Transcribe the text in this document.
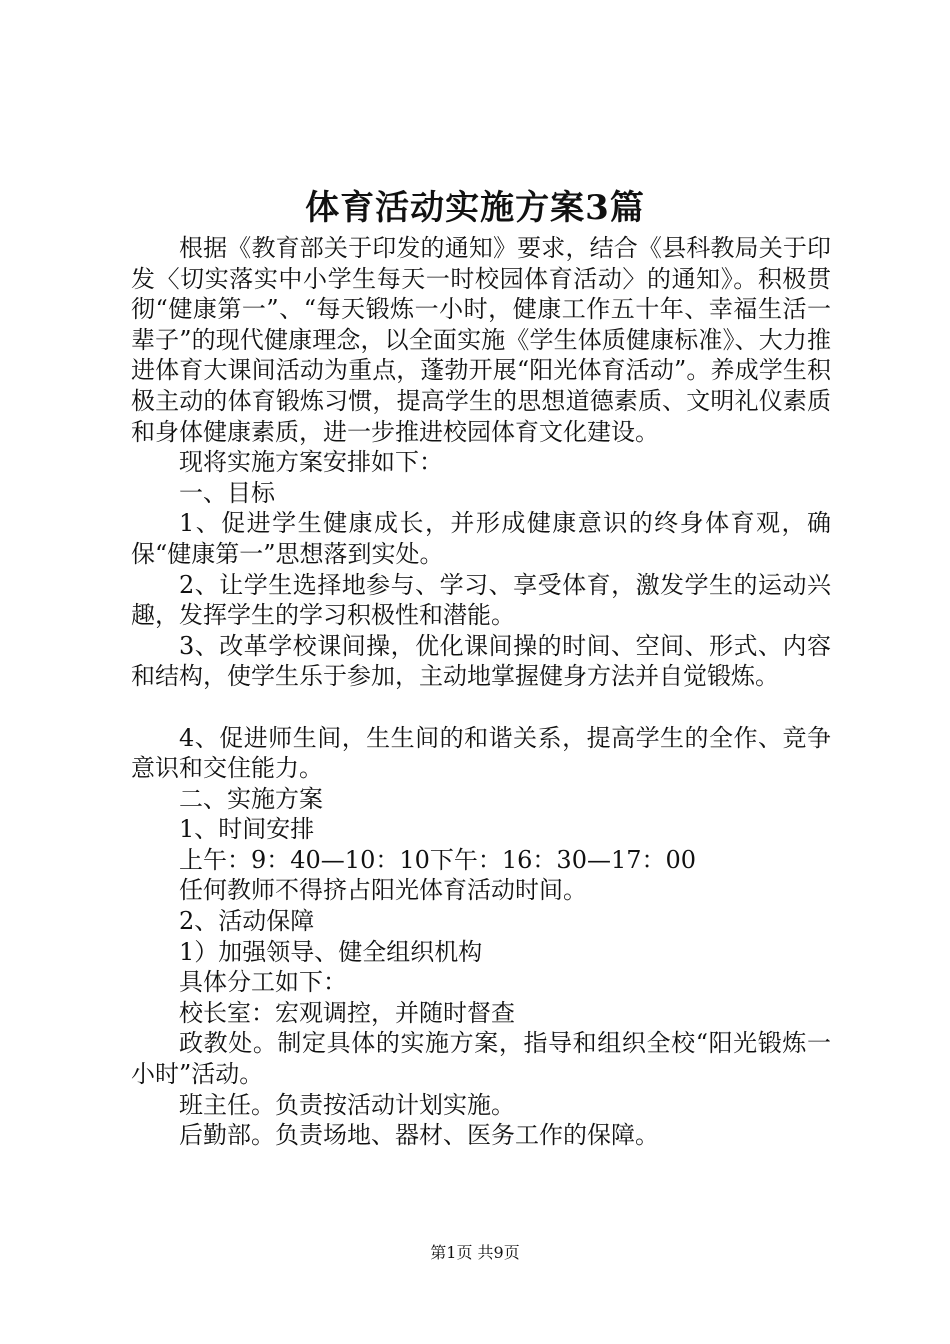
体育活动实施方案3篇

根据《教育部关于印发的通知》要求，结合《县科教局关于印发〈切实落实中小学生每天一时校园体育活动〉的通知》。积极贯彻“健康第一”、“每天锻炼一小时，健康工作五十年、幸福生活一辈子”的现代健康理念，以全面实施《学生体质健康标准》、大力推进体育大课间活动为重点，蓬勃开展“阳光体育活动”。养成学生积极主动的体育锻炼习惯，提高学生的思想道德素质、文明礼仪素质和身体健康素质，进一步推进校园体育文化建设。

现将实施方案安排如下：

一、目标

1、促进学生健康成长，并形成健康意识的终身体育观，确保“健康第一”思想落到实处。

2、让学生选择地参与、学习、享受体育，激发学生的运动兴趣，发挥学生的学习积极性和潜能。

3、改革学校课间操，优化课间操的时间、空间、形式、内容和结构，使学生乐于参加，主动地掌握健身方法并自觉锻炼。

4、促进师生间，生生间的和谐关系，提高学生的全作、竞争意识和交住能力。

二、实施方案

1、时间安排

上午：9：40—10：10下午：16：30—17：00

任何教师不得挤占阳光体育活动时间。

2、活动保障

1）加强领导、健全组织机构

具体分工如下：

校长室：宏观调控，并随时督查

政教处。制定具体的实施方案，指导和组织全校“阳光锻炼一小时”活动。

班主任。负责按活动计划实施。

后勤部。负责场地、器材、医务工作的保障。

第1页 共9页
